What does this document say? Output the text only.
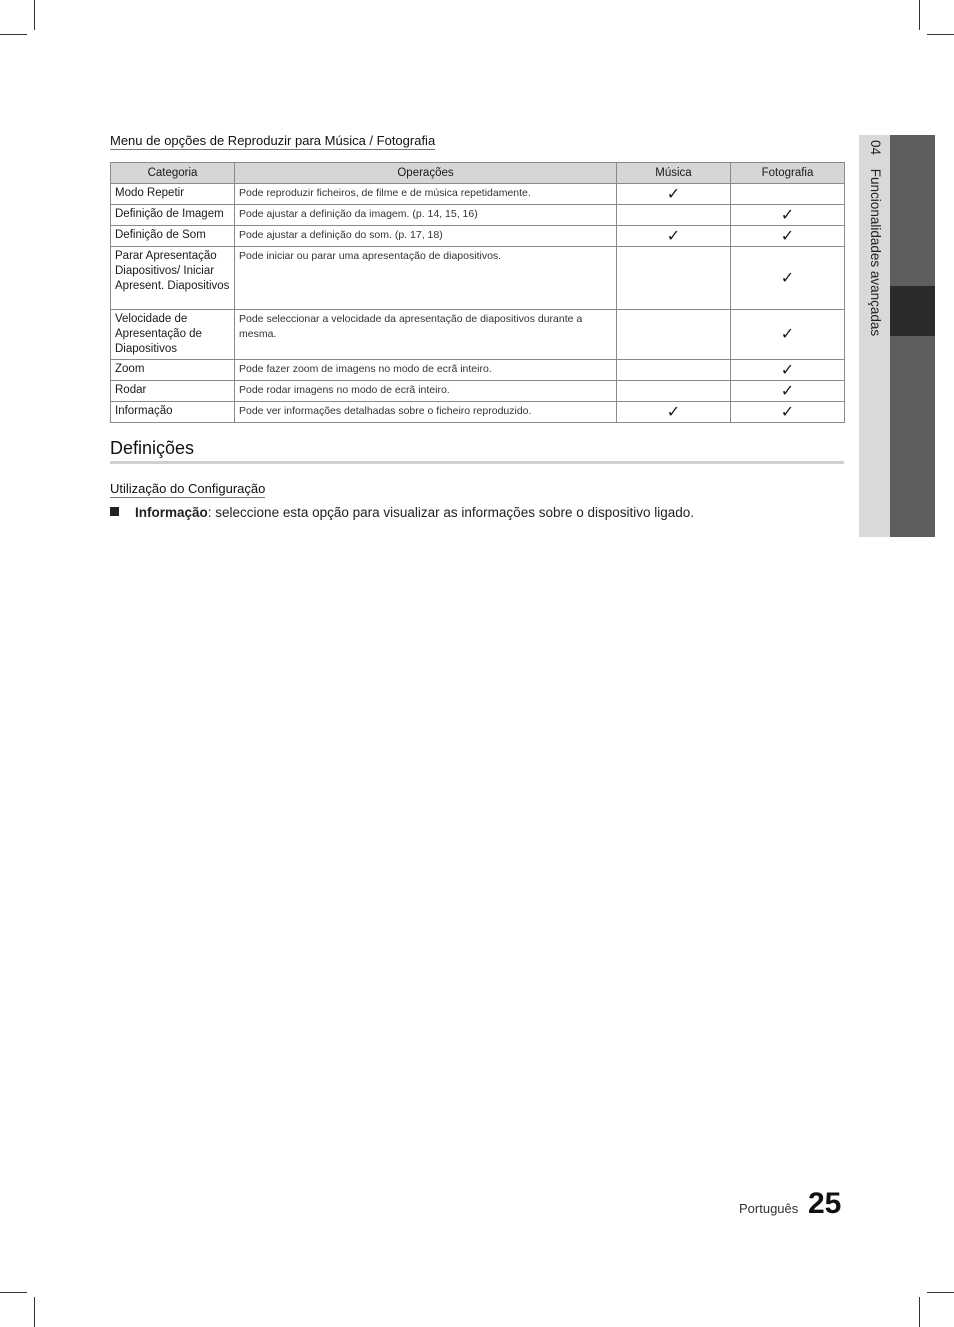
04 Funcionalidades avançadas
Menu de opções de Reproduzir para Música / Fotografia
Categoria	Operações	Música	Fotografia
Modo Repetir	Pode reproduzir ficheiros, de filme e de música repetidamente.	✓	
Definição de Imagem	Pode ajustar a definição da imagem. (p. 14, 15, 16)		✓
Definição de Som	Pode ajustar a definição do som. (p. 17, 18)	✓	✓
Parar Apresentação Diapositivos/ Iniciar Apresent. Diapositivos	Pode iniciar ou parar uma apresentação de diapositivos.		✓
Velocidade de Apresentação de Diapositivos	Pode seleccionar a velocidade da apresentação de diapositivos durante a mesma.		✓
Zoom	Pode fazer zoom de imagens no modo de ecrã inteiro.		✓
Rodar	Pode rodar imagens no modo de ecrã inteiro.		✓
Informação	Pode ver informações detalhadas sobre o ficheiro reproduzido.	✓	✓
Definições
Utilização do Configuração
Informação: seleccione esta opção para visualizar as informações sobre o dispositivo ligado.
Português 25
